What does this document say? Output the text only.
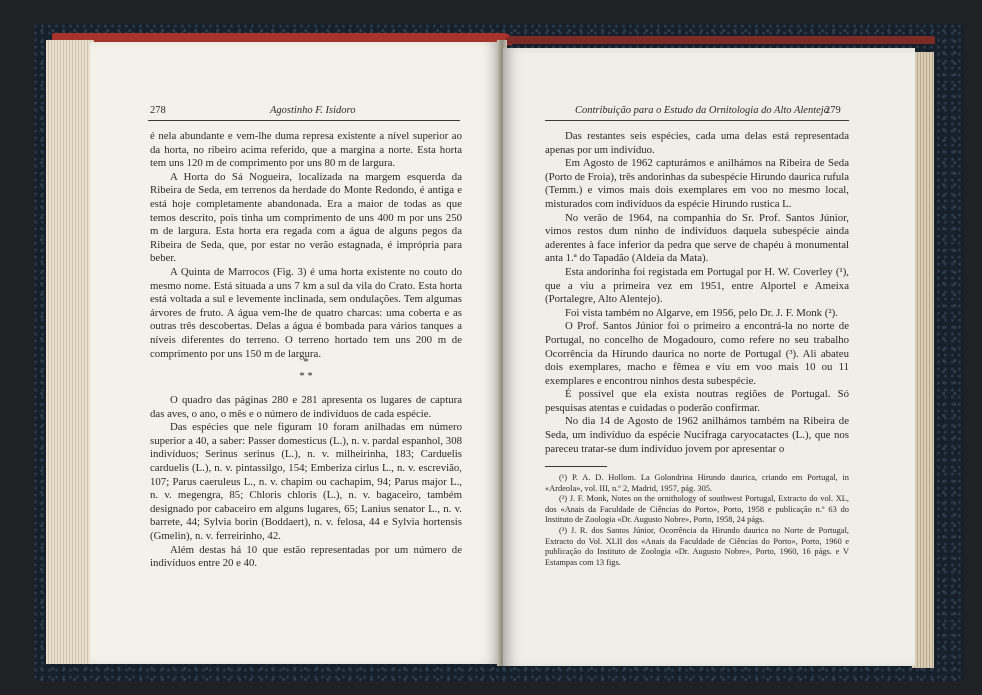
278	Agostinho F. Isidoro

é nela abundante e vem-lhe duma represa existente a nível superior ao da horta, no ribeiro acima referido, que a margina a norte. Esta horta tem uns 120 m de comprimento por uns 80 m de largura.

A Horta do Sá Nogueira, localizada na margem esquerda da Ribeira de Seda, em terrenos da herdade do Monte Redondo, é antiga e está hoje completamente abandonada. Era a maior de todas as que temos descrito, pois tinha um comprimento de uns 400 m por uns 250 m de largura. Esta horta era regada com a água de alguns pegos da Ribeira de Seda, que, por estar no verão estagnada, é imprópria para beber.

A Quinta de Marrocos (Fig. 3) é uma horta existente no couto do mesmo nome. Está situada a uns 7 km a sul da vila do Crato. Esta horta está voltada a sul e levemente inclinada, sem ondulações. Tem algumas árvores de fruto. A água vem-lhe de quatro charcas: uma coberta e as outras três descobertas. Delas a água é bombada para vários tanques a níveis diferentes do terreno. O terreno hortado tem uns 200 m de comprimento por uns 150 m de largura.

*

* *

O quadro das páginas 280 e 281 apresenta os lugares de captura das aves, o ano, o mês e o número de indivíduos de cada espécie.

Das espécies que nele figuram 10 foram anilhadas em número superior a 40, a saber: Passer domesticus (L.), n. v. pardal espanhol, 308 indivíduos; Serinus serinus (L.), n. v. milheirinha, 183; Carduelis carduelis (L.), n. v. pintassilgo, 154; Emberiza cirlus L., n. v. escrevião, 107; Parus caeruleus L., n. v. chapim ou cachapim, 94; Parus major L., n. v. megengra, 85; Chloris chloris (L.), n. v. bagaceiro, também designado por cabaceiro em alguns lugares, 65; Lanius senator L., n. v. barrete, 44; Sylvia borin (Boddaert), n. v. felosa, 44 e Sylvia hortensis (Gmelin), n. v. ferreirinho, 42.

Além destas há 10 que estão representadas por um número de indivíduos entre 20 e 40.

Contribuição para o Estudo da Ornitologia do Alto Alentejo
279

Das restantes seis espécies, cada uma delas está representada apenas por um indivíduo.

Em Agosto de 1962 capturámos e anilhámos na Ribeira de Seda (Porto de Froia), três andorinhas da subespécie Hirundo daurica rufula (Temm.) e vimos mais dois exemplares em voo no mesmo local, misturados com indivíduos da espécie Hirundo rustica L.

No verão de 1964, na companhia do Sr. Prof. Santos Júnior, vimos restos dum ninho de indivíduos daquela subespécie ainda aderentes à face inferior da pedra que serve de chapéu à monumental anta 1.ª do Tapadão (Aldeia da Mata).

Esta andorinha foi registada em Portugal por H. W. Coverley (¹), que a viu a primeira vez em 1951, entre Alportel e Ameixa (Portalegre, Alto Alentejo).

Foi vista também no Algarve, em 1956, pelo Dr. J. F. Monk (²).

O Prof. Santos Júnior foi o primeiro a encontrá-la no norte de Portugal, no concelho de Mogadouro, como refere no seu trabalho Ocorrência da Hirundo daurica no norte de Portugal (³). Ali abateu dois exemplares, macho e fêmea e viu em voo mais 10 ou 11 exemplares e encontrou ninhos desta subespécie.

É possível que ela exista noutras regiões de Portugal. Só pesquisas atentas e cuidadas o poderão confirmar.

No dia 14 de Agosto de 1962 anilhámos também na Ribeira de Seda, um indivíduo da espécie Nucifraga caryocatactes (L.), que nos pareceu tratar-se dum indivíduo jovem por apresentar o

(¹) P. A. D. Hollom. La Golondrina Hirundo daurica, criando em Portugal, in «Ardeola», vol. III, n.º 2, Madrid, 1957, pág. 305.

(²) J. F. Monk, Notes on the ornithology of southwest Portugal, Extracto do vol. XL, dos «Anais da Faculdade de Ciências do Porto», Porto, 1958 e publicação n.º 63 do Instituto de Zoologia «Dr. Augusto Nobre», Porto, 1958, 24 págs.

(³) J. R. dos Santos Júnior, Ocorrência da Hirundo daurica no Norte de Portugal, Extracto do Vol. XLII dos «Anais da Faculdade de Ciências do Porto», Porto, 1960 e publicação do Instituto de Zoologia «Dr. Augusto Nobre», Porto, 1960, 16 págs. e V Estampas com 13 figs.
